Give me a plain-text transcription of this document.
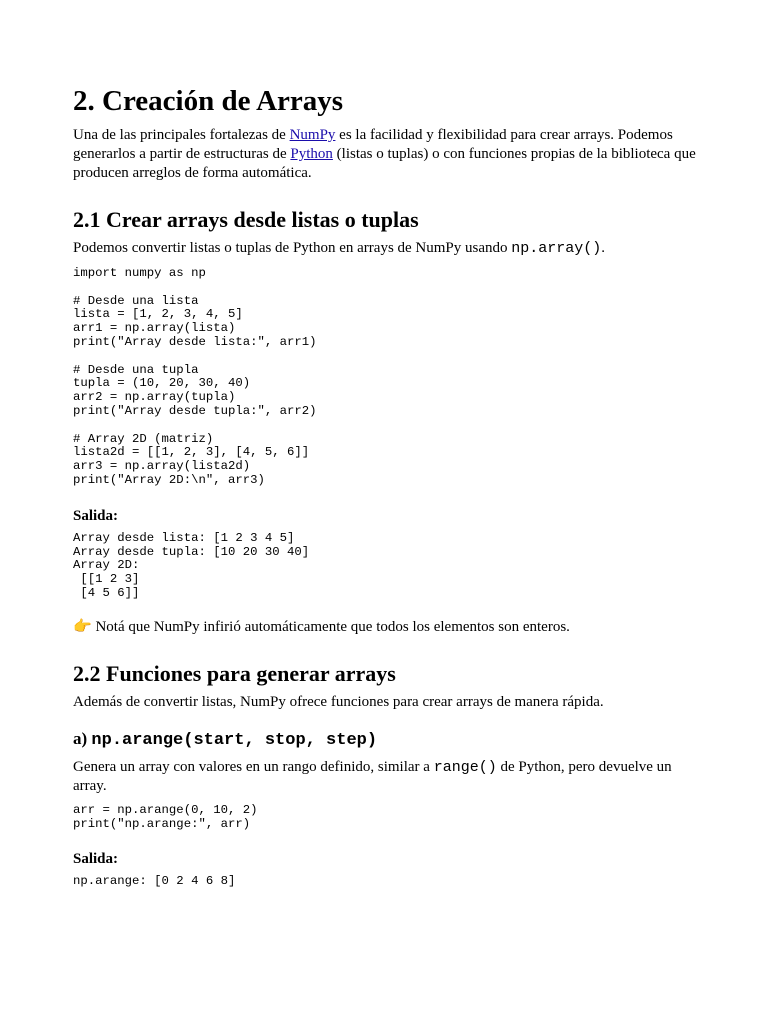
2. Creación de Arrays

Una de las principales fortalezas de NumPy es la facilidad y flexibilidad para crear arrays. Podemos generarlos a partir de estructuras de Python (listas o tuplas) o con funciones propias de la biblioteca que producen arreglos de forma automática.

2.1 Crear arrays desde listas o tuplas

Podemos convertir listas o tuplas de Python en arrays de NumPy usando np.array().

import numpy as np

# Desde una lista
lista = [1, 2, 3, 4, 5]
arr1 = np.array(lista)
print("Array desde lista:", arr1)

# Desde una tupla
tupla = (10, 20, 30, 40)
arr2 = np.array(tupla)
print("Array desde tupla:", arr2)

# Array 2D (matriz)
lista2d = [[1, 2, 3], [4, 5, 6]]
arr3 = np.array(lista2d)
print("Array 2D:\n", arr3)

Salida:

Array desde lista: [1 2 3 4 5]
Array desde tupla: [10 20 30 40]
Array 2D:
[[1 2 3]
[4 5 6]]

👉 Notá que NumPy infirió automáticamente que todos los elementos son enteros.

2.2 Funciones para generar arrays

Además de convertir listas, NumPy ofrece funciones para crear arrays de manera rápida.

a) np.arange(start, stop, step)

Genera un array con valores en un rango definido, similar a range() de Python, pero devuelve un array.

arr = np.arange(0, 10, 2)
print("np.arange:", arr)

Salida:

np.arange: [0 2 4 6 8]
